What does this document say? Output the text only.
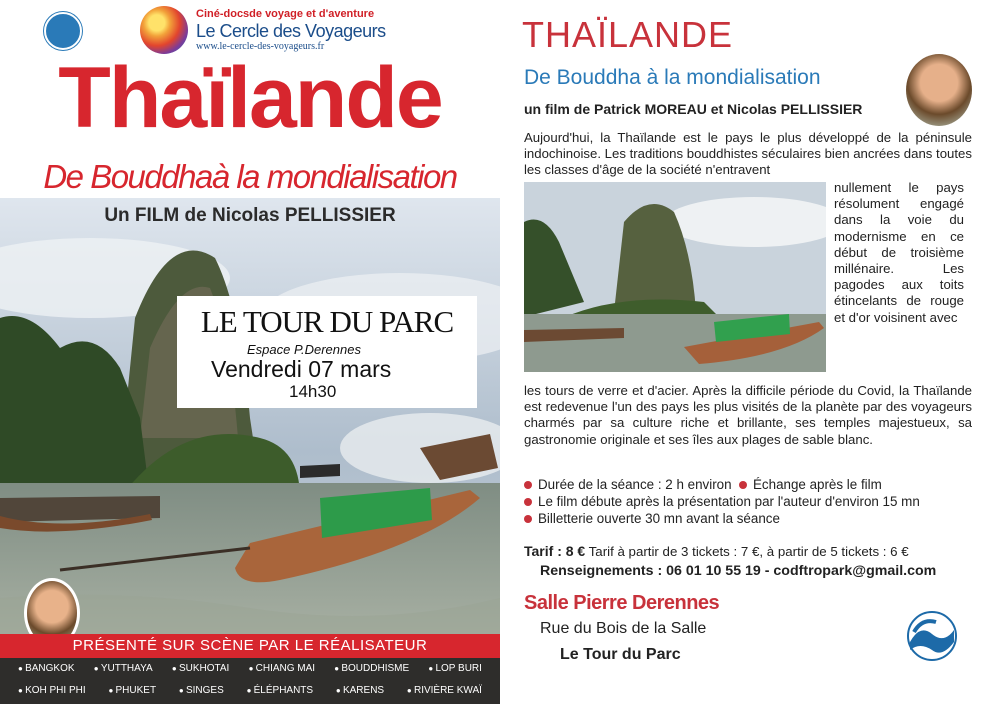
Ciné-docsde voyage et d'aventure
Le Cercle des Voyageurs
www.le-cercle-des-voyageurs.fr
Thaïlande
De Bouddhaà la mondialisation
Un FILM de Nicolas PELLISSIER
LE TOUR DU PARC
Espace P.Derennes
Vendredi 07 mars
14h30
PRÉSENTÉ SUR SCÈNE PAR LE RÉALISATEUR
● BANGKOK	● YUTTHAYA	● SUKHOTAI	● CHIANG MAI	● BOUDDHISME	● LOP BURI
● KOH PHI PHI	● PHUKET	● SINGES	● ÉLÉPHANTS	● KARENS	● RIVIÈRE KWAÏ
THAÏLANDE
De Bouddha à la mondialisation
un film de Patrick MOREAU et Nicolas PELLISSIER
Aujourd'hui, la Thaïlande est le pays le plus développé de la péninsule indochinoise. Les traditions bouddhistes séculaires bien ancrées dans toutes les classes d'âge de la société n'entravent
nullement le pays résolument engagé dans la voie du modernisme en ce début de troisième millénaire. Les pagodes aux toits étincelants de rouge et d'or voisinent avec
les tours de verre et d'acier. Après la difficile période du Covid, la Thaïlande est redevenue l'un des pays les plus visités de la planète par des voyageurs charmés par sa culture riche et brillante, ses temples majestueux, sa gastronomie originale et ses îles aux plages de sable blanc.
Durée de la séance : 2 h environ Échange après le film
Le film débute après la présentation par l'auteur d'environ 15 mn
Billetterie ouverte 30 mn avant la séance
Tarif : 8 € Tarif à partir de 3 tickets : 7 €, à partir de 5 tickets : 6 €
Renseignements : 06 01 10 55 19 - codftropark@gmail.com
Salle Pierre Derennes
Rue du Bois de la Salle
Le Tour du Parc
